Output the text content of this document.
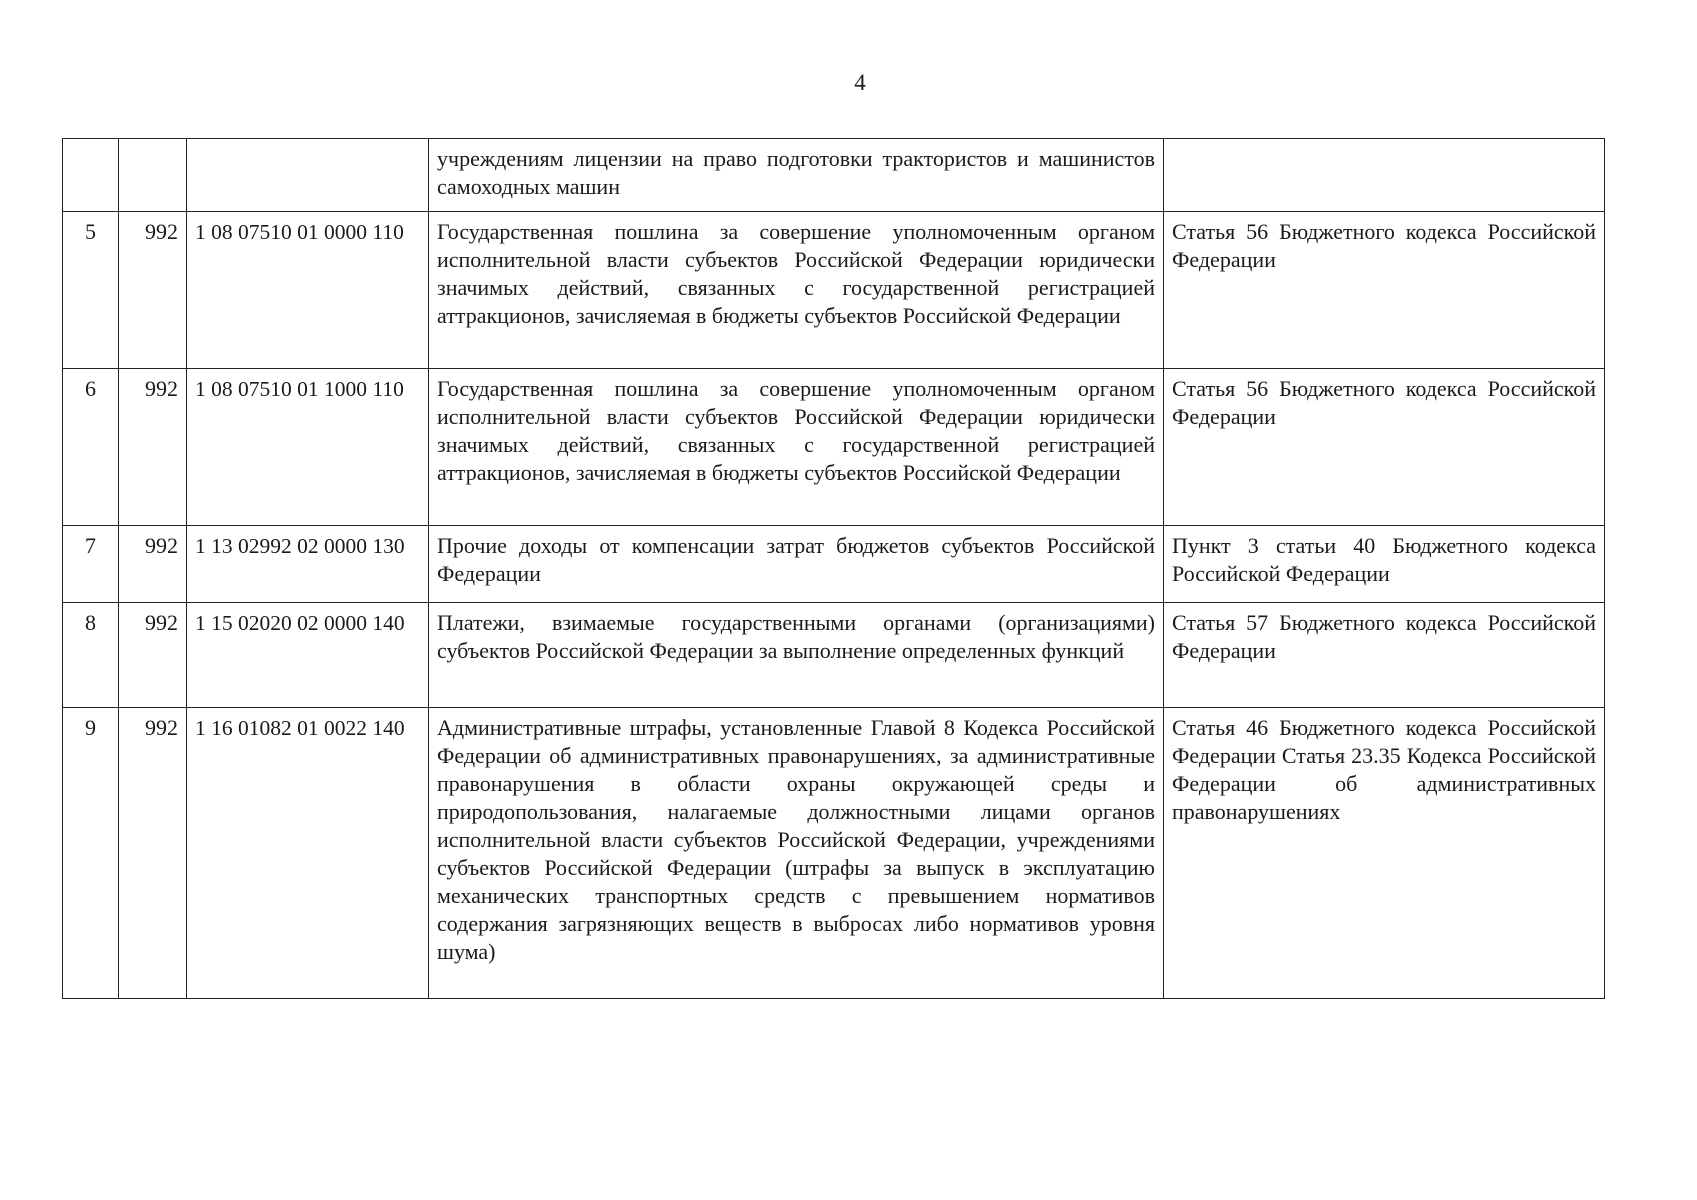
4
			учреждениям лицензии на право подготовки трактористов и машинистов самоходных машин	
5	992	1 08 07510 01 0000 110	Государственная пошлина за совершение уполномоченным органом исполнительной власти субъектов Российской Федерации юридически значимых действий, связанных с государственной регистрацией аттракционов, зачисляемая в бюджеты субъектов Российской Федерации	Статья 56 Бюджетного кодекса Российской Федерации
6	992	1 08 07510 01 1000 110	Государственная пошлина за совершение уполномоченным органом исполнительной власти субъектов Российской Федерации юридически значимых действий, связанных с государственной регистрацией аттракционов, зачисляемая в бюджеты субъектов Российской Федерации	Статья 56 Бюджетного кодекса Российской Федерации
7	992	1 13 02992 02 0000 130	Прочие доходы от компенсации затрат бюджетов субъектов Российской Федерации	Пункт 3 статьи 40 Бюджетного кодекса Российской Федерации
8	992	1 15 02020 02 0000 140	Платежи, взимаемые государственными органами (организациями) субъектов Российской Федерации за выполнение определенных функций	Статья 57 Бюджетного кодекса Российской Федерации
9	992	1 16 01082 01 0022 140	Административные штрафы, установленные Главой 8 Кодекса Российской Федерации об административных правонарушениях, за административные правонарушения в области охраны окружающей среды и природопользования, налагаемые должностными лицами органов исполнительной власти субъектов Российской Федерации, учреждениями субъектов Российской Федерации (штрафы за выпуск в эксплуатацию механических транспортных средств с превышением нормативов содержания загрязняющих веществ в выбросах либо нормативов уровня шума)	Статья 46 Бюджетного кодекса Российской Федерации Статья 23.35 Кодекса Российской Федерации об административных правонарушениях
